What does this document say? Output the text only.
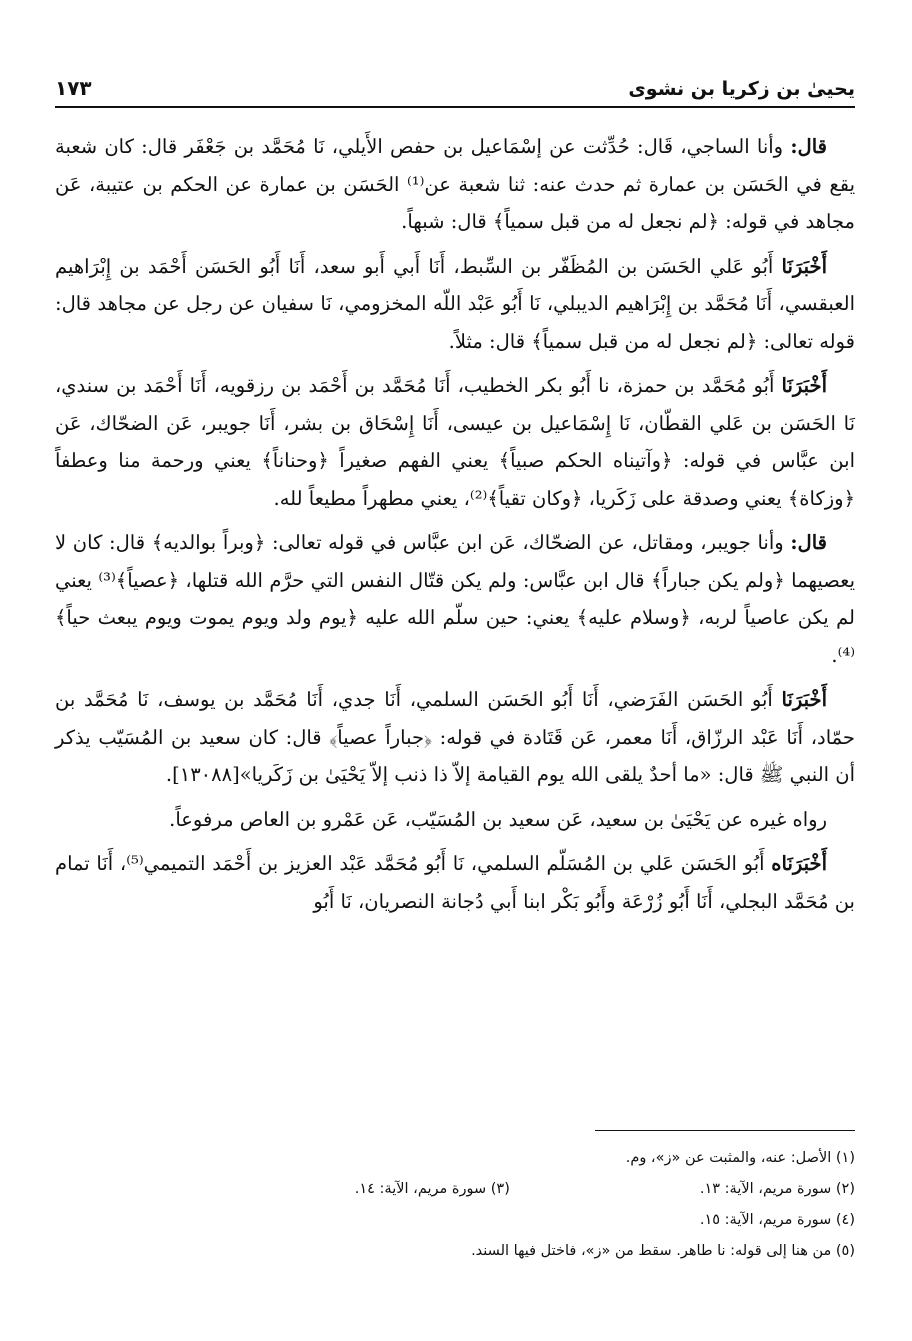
يحيىٰ بن زكريا بن نشوى
١٧٣

قال: وأنا الساجي، قَال: حُدِّثت عن إسْمَاعيل بن حفص الأَيلي، نَا مُحَمَّد بن جَعْفَر قال: كان شعبة يقع في الحَسَن بن عمارة ثم حدث عنه: ثنا شعبة عن⁽¹⁾ الحَسَن بن عمارة عن الحكم بن عتيبة، عَن مجاهد في قوله: ﴿لم نجعل له من قبل سمياً﴾ قال: شبهاً.

أَخْبَرَنَا أَبُو عَلي الحَسَن بن المُظَفّر بن السِّبط، أَنَا أَبي أَبو سعد، أَنَا أَبُو الحَسَن أَحْمَد بن إِبْرَاهيم العبقسي، أَنَا مُحَمَّد بن إِبْرَاهيم الديبلي، نَا أَبُو عَبْد اللّه المخزومي، نَا سفيان عن رجل عن مجاهد قال: قوله تعالى: ﴿لم نجعل له من قبل سمياً﴾ قال: مثلاً.

أَخْبَرَنَا أَبُو مُحَمَّد بن حمزة، نا أَبُو بكر الخطيب، أَنَا مُحَمَّد بن أَحْمَد بن رزقويه، أَنَا أَحْمَد بن سندي، نَا الحَسَن بن عَلي القطّان، نَا إِسْمَاعيل بن عيسى، أَنَا إِسْحَاق بن بشر، أَنَا جويبر، عَن الضحّاك، عَن ابن عبَّاس في قوله: ﴿وآتيناه الحكم صبياً﴾ يعني الفهم صغيراً ﴿وحناناً﴾ يعني ورحمة منا وعطفاً ﴿وزكاة﴾ يعني وصدقة على زَكَريا، ﴿وكان تقياً﴾⁽²⁾، يعني مطهراً مطيعاً لله.

قال: وأنا جويبر، ومقاتل، عن الضحّاك، عَن ابن عبَّاس في قوله تعالى: ﴿وبراً بوالديه﴾ قال: كان لا يعصيهما ﴿ولم يكن جباراً﴾ قال ابن عبَّاس: ولم يكن قتّال النفس التي حرَّم الله قتلها، ﴿عصياً﴾⁽³⁾ يعني لم يكن عاصياً لربه، ﴿وسلام عليه﴾ يعني: حين سلّم الله عليه ﴿يوم ولد ويوم يموت ويوم يبعث حياً﴾⁽⁴⁾.

أَخْبَرَنَا أَبُو الحَسَن الفَرَضي، أَنَا أَبُو الحَسَن السلمي، أَنَا جدي، أَنَا مُحَمَّد بن يوسف، نَا مُحَمَّد بن حمّاد، أَنَا عَبْد الرزّاق، أَنَا معمر، عَن قَتَادة في قوله: ﴿جباراً عصياً﴾ قال: كان سعيد بن المُسَيّب يذكر أن النبي ﷺ قال: «ما أحدٌ يلقى الله يوم القيامة إلاّ ذا ذنب إلاّ يَحْيَىٰ بن زَكَريا»[١٣٠٨٨].

رواه غيره عن يَحْيَىٰ بن سعيد، عَن سعيد بن المُسَيّب، عَن عَمْرو بن العاص مرفوعاً.

أَخْبَرَنَاه أَبُو الحَسَن عَلي بن المُسَلّم السلمي، نَا أَبُو مُحَمَّد عَبْد العزيز بن أَحْمَد التميمي⁽⁵⁾، أَنَا تمام بن مُحَمَّد البجلي، أَنَا أَبُو زُرْعَة وأَبُو بَكْر ابنا أَبي دُجانة النصريان، نَا أَبُو

(١) الأصل: عنه، والمثبت عن «ز»، وم.
(٢) سورة مريم، الآية: ١٣.
(٣) سورة مريم، الآية: ١٤.
(٤) سورة مريم، الآية: ١٥.
(٥) من هنا إلى قوله: نا طاهر. سقط من «ز»، فاختل فيها السند.
